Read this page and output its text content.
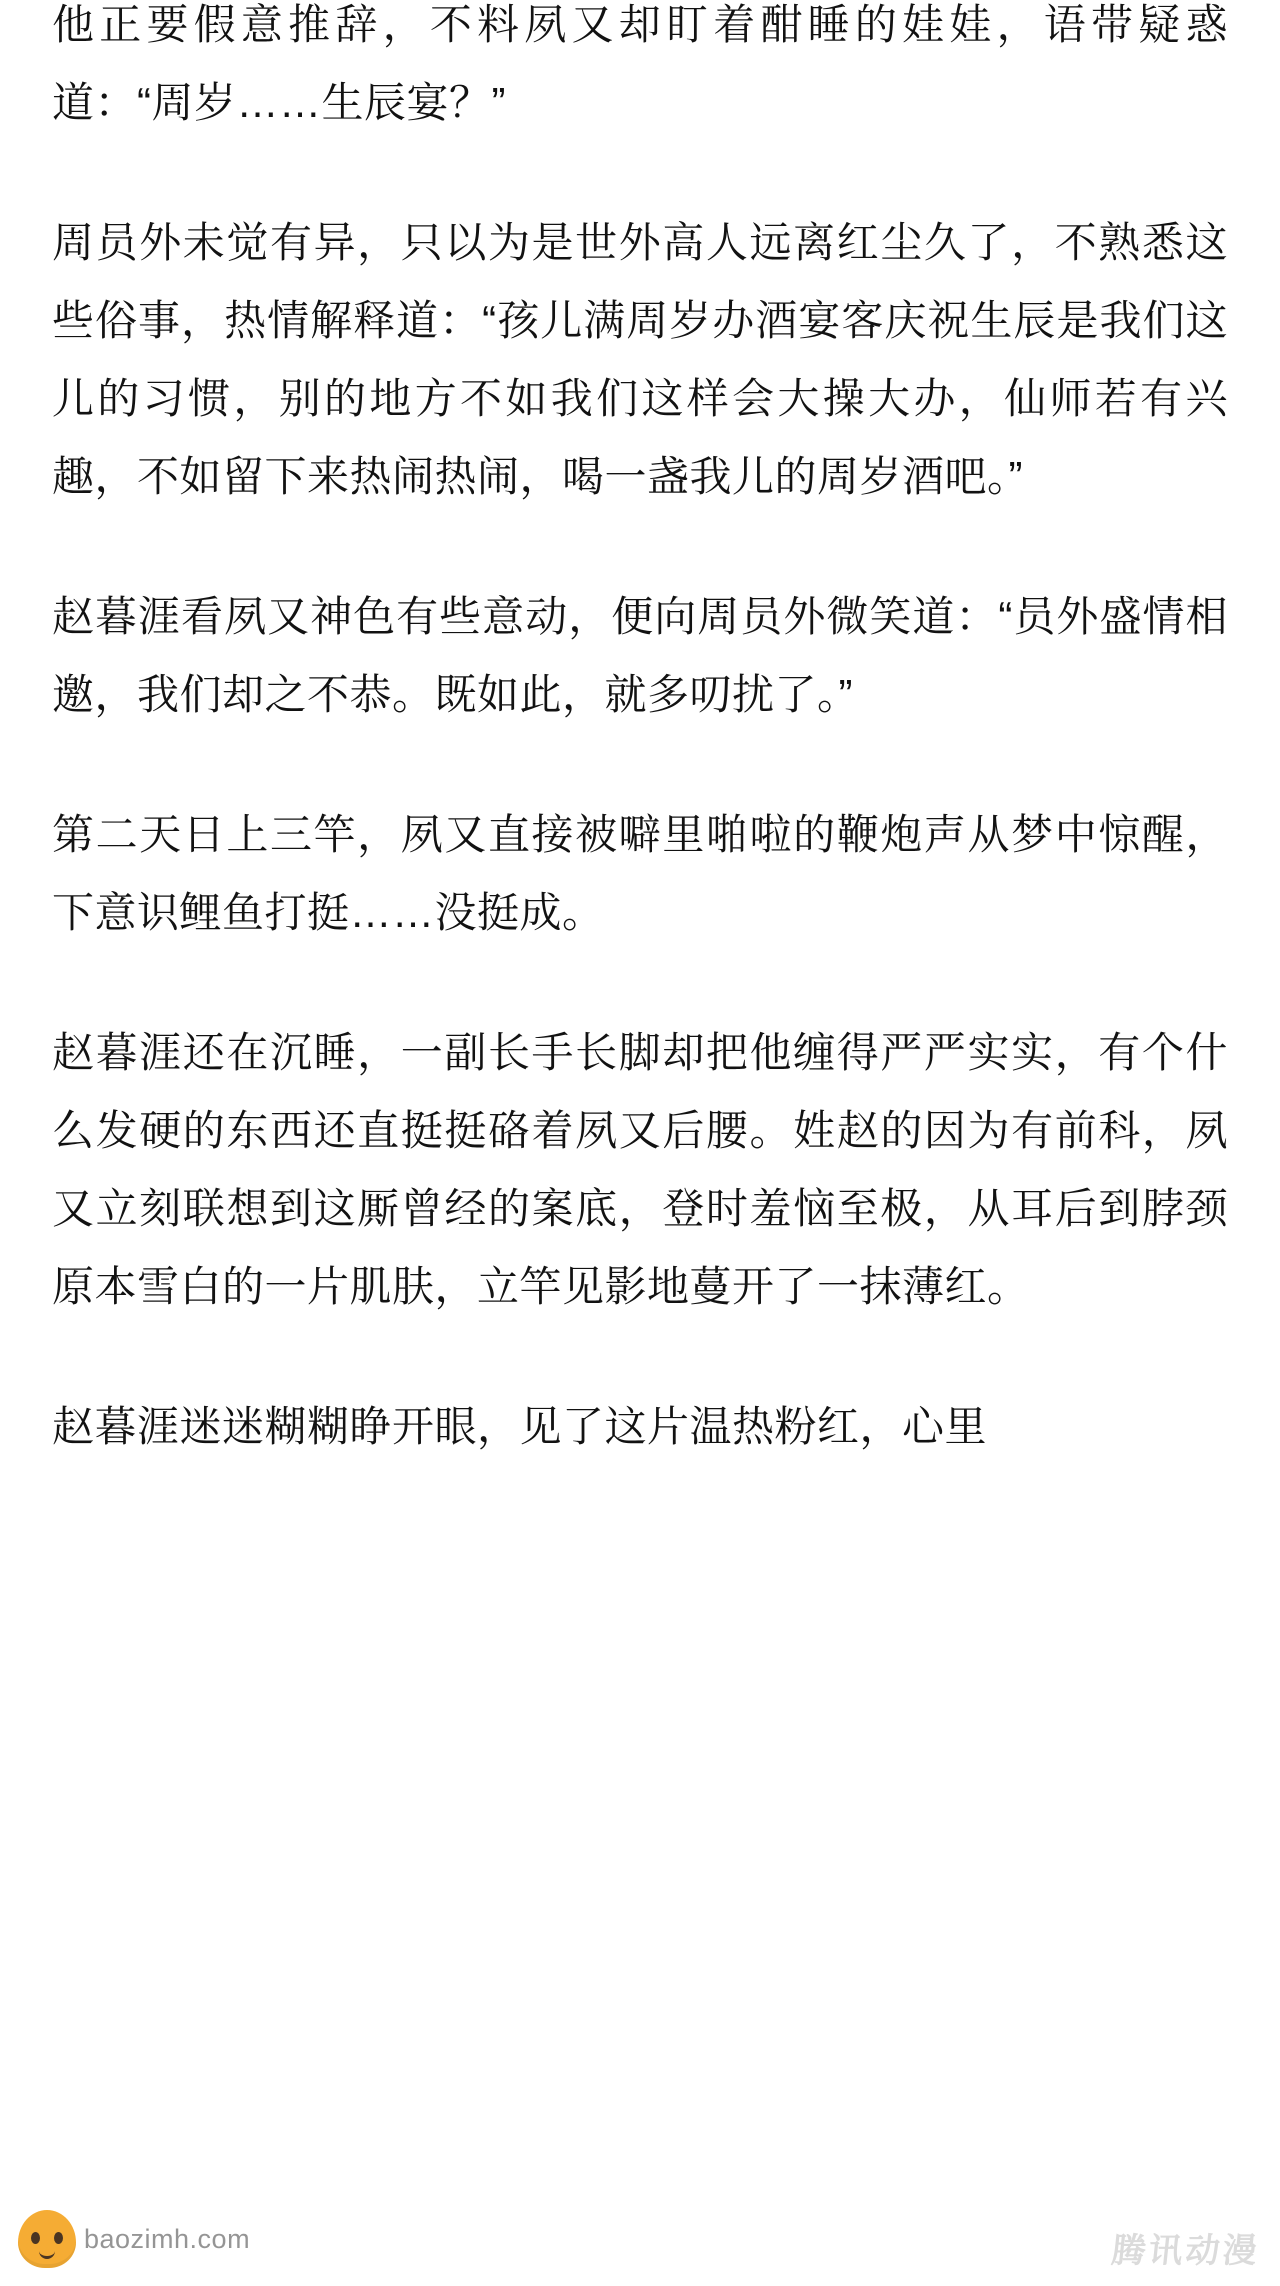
他正要假意推辞，不料夙又却盯着酣睡的娃娃，语带疑惑道：“周岁……生辰宴？”

周员外未觉有异，只以为是世外高人远离红尘久了，不熟悉这些俗事，热情解释道：“孩儿满周岁办酒宴客庆祝生辰是我们这儿的习惯，别的地方不如我们这样会大操大办，仙师若有兴趣，不如留下来热闹热闹，喝一盏我儿的周岁酒吧。”

赵暮涯看夙又神色有些意动，便向周员外微笑道：“员外盛情相邀，我们却之不恭。既如此，就多叨扰了。”

第二天日上三竿，夙又直接被噼里啪啦的鞭炮声从梦中惊醒，下意识鲤鱼打挺……没挺成。

赵暮涯还在沉睡，一副长手长脚却把他缠得严严实实，有个什么发硬的东西还直挺挺硌着夙又后腰。姓赵的因为有前科，夙又立刻联想到这厮曾经的案底，登时羞恼至极，从耳后到脖颈原本雪白的一片肌肤，立竿见影地蔓开了一抹薄红。

赵暮涯迷迷糊糊睁开眼，见了这片温热粉红，心里

baozimh.com	腾讯动漫
